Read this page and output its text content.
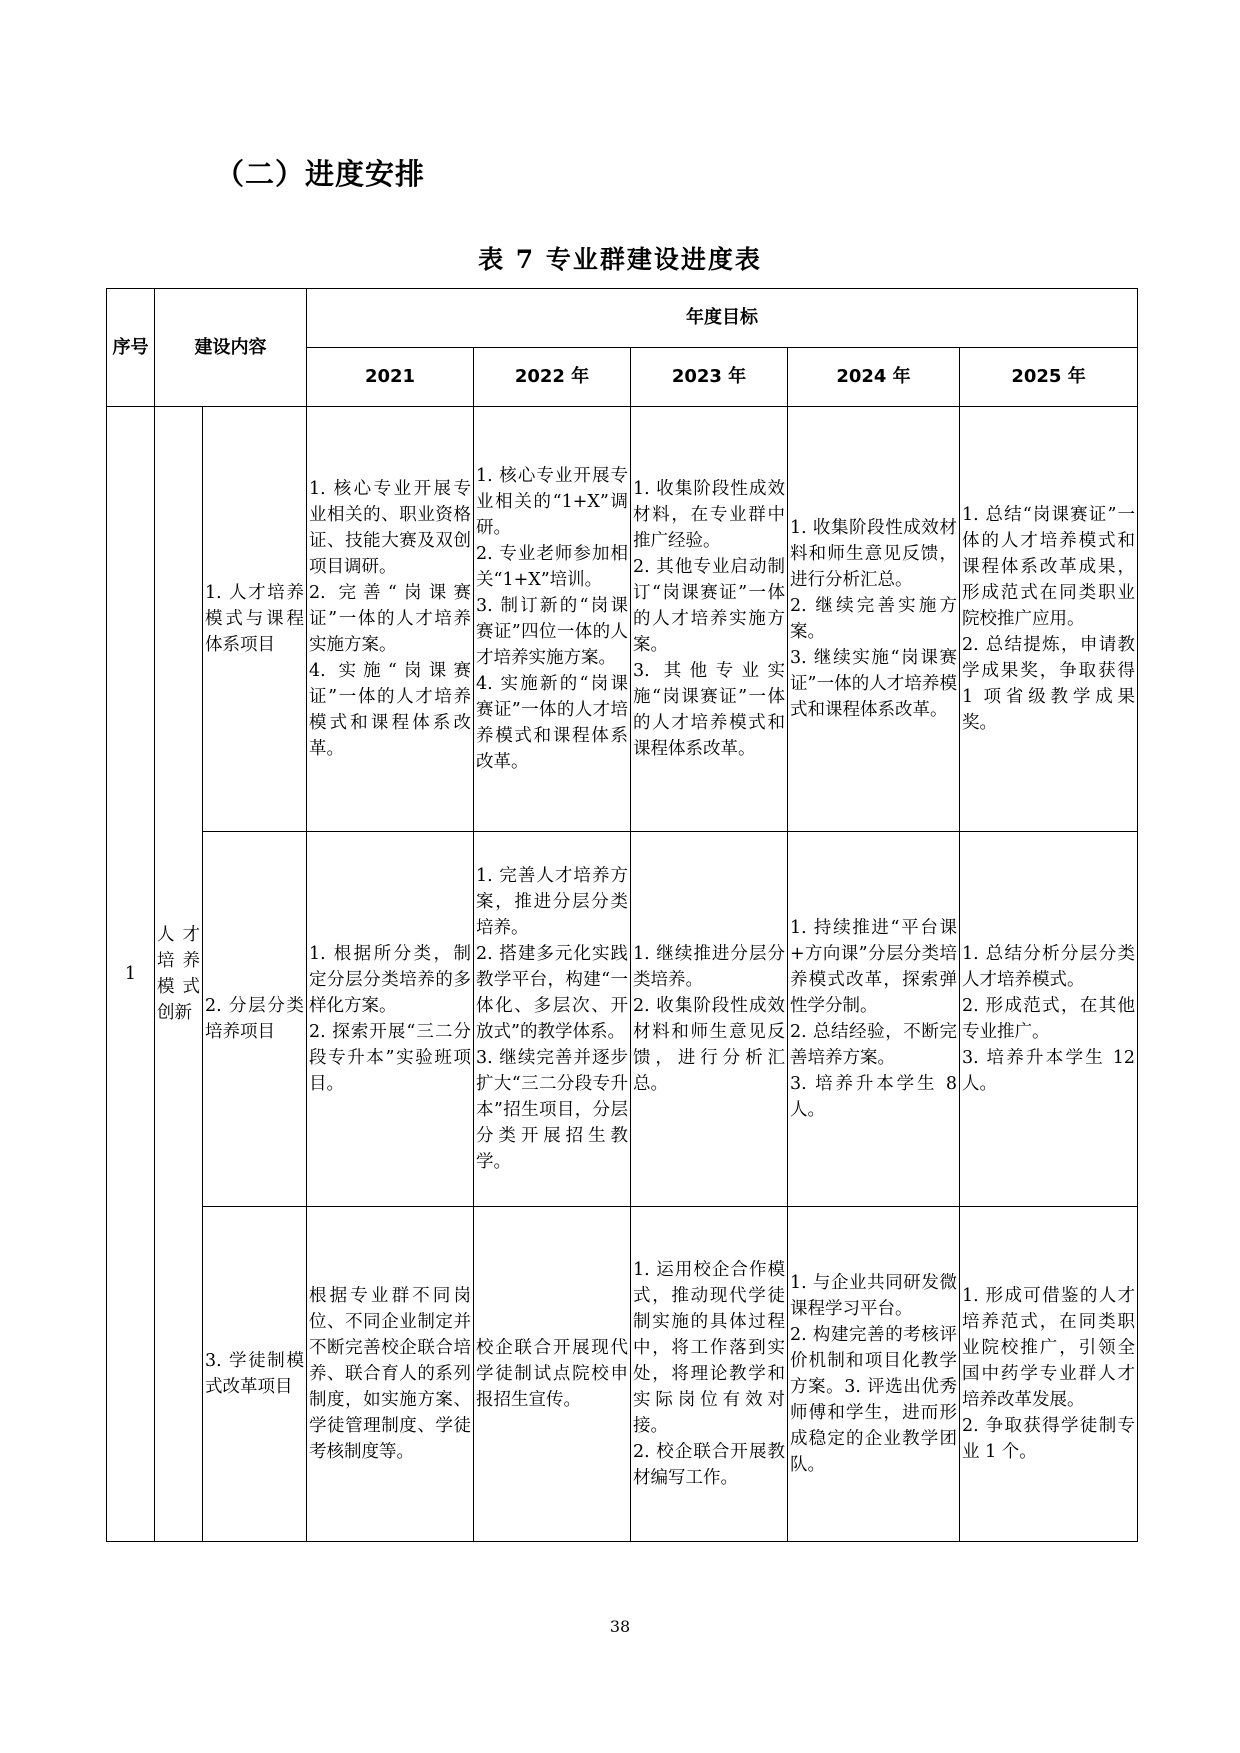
（二）进度安排
表 7 专业群建设进度表
序号	建设内容		年度目标				
			2021	2022 年	2023 年	2024 年	2025 年
1	人才培养模式创新	1. 人才培养模式与课程体系项目	1. 核心专业开展专业相关的、职业资格证、技能大赛及双创项目调研。
2. 完善“岗课赛证”一体的人才培养实施方案。
4. 实施“岗课赛证”一体的人才培养模式和课程体系改革。	1. 核心专业开展专业相关的“1+X”调研。
2. 专业老师参加相关“1+X”培训。
3. 制订新的“岗课赛证”四位一体的人才培养实施方案。
4. 实施新的“岗课赛证”一体的人才培养模式和课程体系改革。	1. 收集阶段性成效材料，在专业群中推广经验。
2. 其他专业启动制订“岗课赛证”一体的人才培养实施方案。
3. 其他专业实施“岗课赛证”一体的人才培养模式和课程体系改革。	1. 收集阶段性成效材料和师生意见反馈，进行分析汇总。
2. 继续完善实施方案。
3. 继续实施“岗课赛证”一体的人才培养模式和课程体系改革。	1. 总结“岗课赛证”一体的人才培养模式和课程体系改革成果，形成范式在同类职业院校推广应用。
2. 总结提炼，申请教学成果奖，争取获得 1 项省级教学成果奖。
		2. 分层分类培养项目	1. 根据所分类，制定分层分类培养的多样化方案。
2. 探索开展“三二分段专升本”实验班项目。	1. 完善人才培养方案，推进分层分类培养。
2. 搭建多元化实践教学平台，构建“一体化、多层次、开放式”的教学体系。
3. 继续完善并逐步扩大“三二分段专升本”招生项目，分层分类开展招生教学。	1. 继续推进分层分类培养。
2. 收集阶段性成效材料和师生意见反馈，进行分析汇总。	1. 持续推进“平台课+方向课”分层分类培养模式改革，探索弹性学分制。
2. 总结经验，不断完善培养方案。
3. 培养升本学生 8 人。	1. 总结分析分层分类人才培养模式。
2. 形成范式，在其他专业推广。
3. 培养升本学生 12 人。
		3. 学徒制模式改革项目	根据专业群不同岗位、不同企业制定并不断完善校企联合培养、联合育人的系列制度，如实施方案、学徒管理制度、学徒考核制度等。	校企联合开展现代学徒制试点院校申报招生宣传。	1. 运用校企合作模式，推动现代学徒制实施的具体过程中，将工作落到实处，将理论教学和实际岗位有效对接。
2. 校企联合开展教材编写工作。	1. 与企业共同研发微课程学习平台。
2. 构建完善的考核评价机制和项目化教学方案。3. 评选出优秀师傅和学生，进而形成稳定的企业教学团队。	1. 形成可借鉴的人才培养范式，在同类职业院校推广，引领全国中药学专业群人才培养改革发展。
2. 争取获得学徒制专业 1 个。
38
